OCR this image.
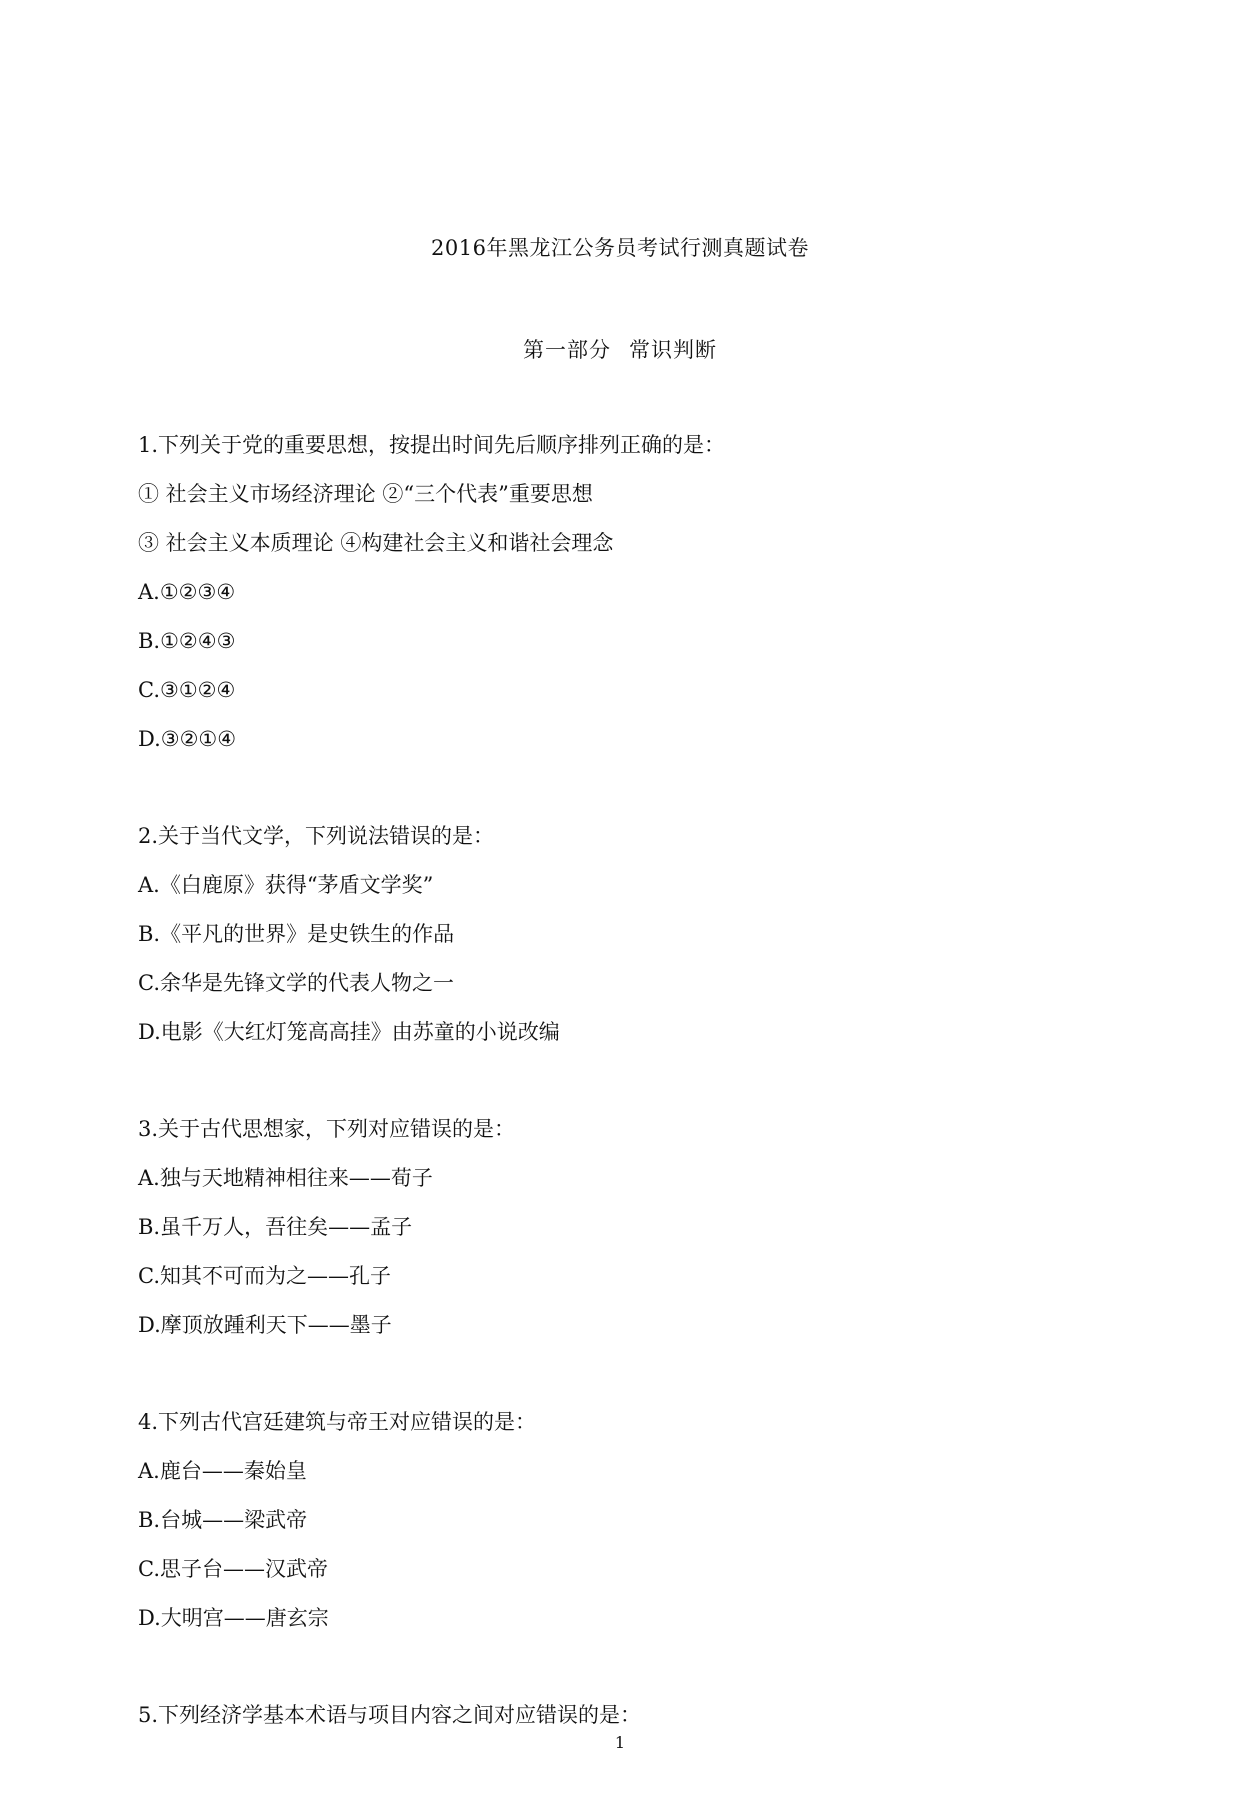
2016年黑龙江公务员考试行测真题试卷
第一部分 常识判断
1.下列关于党的重要思想，按提出时间先后顺序排列正确的是：
① 社会主义市场经济理论 ②“三个代表”重要思想
③ 社会主义本质理论 ④构建社会主义和谐社会理念
A.①②③④
B.①②④③
C.③①②④
D.③②①④
2.关于当代文学，下列说法错误的是：
A.《白鹿原》获得“茅盾文学奖”
B.《平凡的世界》是史铁生的作品
C.余华是先锋文学的代表人物之一
D.电影《大红灯笼高高挂》由苏童的小说改编
3.关于古代思想家，下列对应错误的是：
A.独与天地精神相往来——荀子
B.虽千万人，吾往矣——孟子
C.知其不可而为之——孔子
D.摩顶放踵利天下——墨子
4.下列古代宫廷建筑与帝王对应错误的是：
A.鹿台——秦始皇
B.台城——梁武帝
C.思子台——汉武帝
D.大明宫——唐玄宗
5.下列经济学基本术语与项目内容之间对应错误的是：
1
